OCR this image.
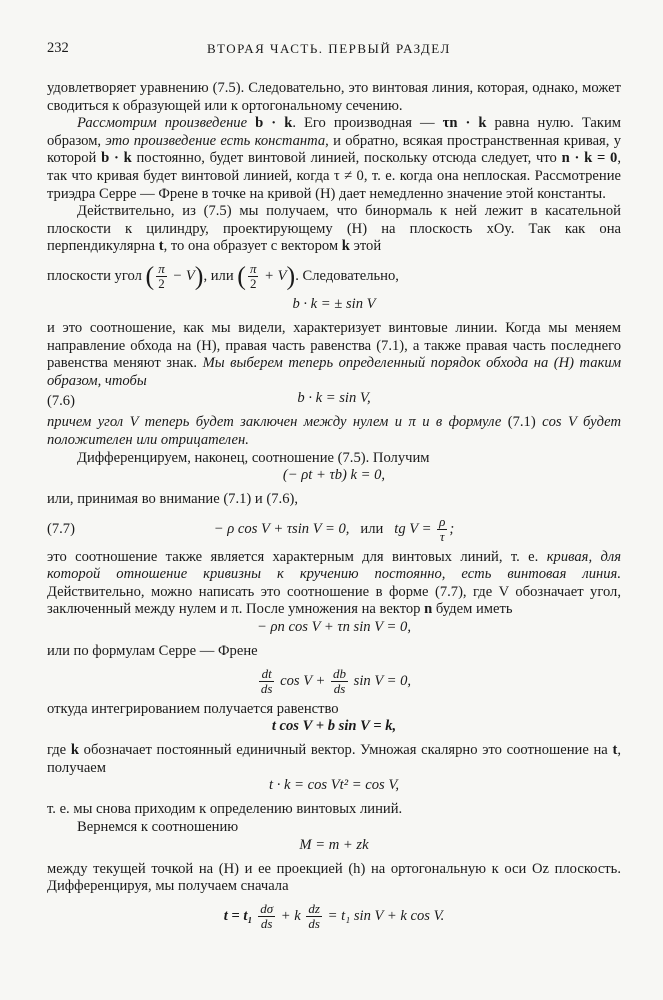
232	ВТОРАЯ ЧАСТЬ. ПЕРВЫЙ РАЗДЕЛ

удовлетворяет уравнению (7.5). Следовательно, это винтовая линия, которая, однако, может сводиться к образующей или к ортогональному сечению.

Рассмотрим произведение b · k. Его производная — τn · k равна нулю. Таким образом, это произведение есть константа, и обратно, всякая пространственная кривая, у которой b · k постоянно, будет винтовой линией, поскольку отсюда следует, что n · k = 0, так что кривая будет винтовой линией, когда τ ≠ 0, т. е. когда она неплоская. Рассмотрение триэдра Серре — Френе в точке на кривой (H) дает немедленно значение этой константы.

Действительно, из (7.5) мы получаем, что бинормаль к ней лежит в касательной плоскости к цилиндру, проектирующему (H) на плоскость xOy. Так как она перпендикулярна t, то она образует с вектором k этой

плоскости угол ( $\frac{\pi}{2} - V$), или ( $\frac{\pi}{2} + V$). Следовательно,

b · k = ± sin V

и это соотношение, как мы видели, характеризует винтовые линии. Когда мы меняем направление обхода на (H), правая часть равенства (7.1), а также правая часть последнего равенства меняют знак. Мы выберем теперь определенный порядок обхода на (H) таким образом, чтобы

(7.6)	b · k = sin V,

причем угол V теперь будет заключен между нулем и π и в формуле (7.1) cos V будет положителен или отрицателен.

Дифференцируем, наконец, соотношение (7.5). Получим

(− ρt + τb) k = 0,

или, принимая во внимание (7.1) и (7.6),

(7.7)	− ρ cos V + τsin V = 0, или tg $V = \frac{\rho}{\tau}$ ;

это соотношение также является характерным для винтовых линий, т. е. кривая, для которой отношение кривизны к кручению постоянно, есть винтовая линия. Действительно, можно написать это соотношение в форме (7.7), где V обозначает угол, заключенный между нулем и π. После умножения на вектор n будем иметь

− ρn cos V + τn sin V = 0,

или по формулам Серре — Френе

$\frac{dt}{ds}$ $\cos V + \frac{db}{ds}$ sin V = 0,

откуда интегрированием получается равенство

t cos V + b sin V = k,

где k обозначает постоянный единичный вектор. Умножая скалярно это соотношение на t, получаем

t · k = cos Vt² = cos V,

т. е. мы снова приходим к определению винтовых линий.

Вернемся к соотношению

M = m + zk

между текущей точкой на (H) и ее проекцией (h) на ортогональную к оси Oz плоскость. Дифференцируя, мы получаем сначала

$t = t_1 \frac{d\sigma}{ds} + k \frac{dz}{ds} = t_1$ sin V + k cos V.
